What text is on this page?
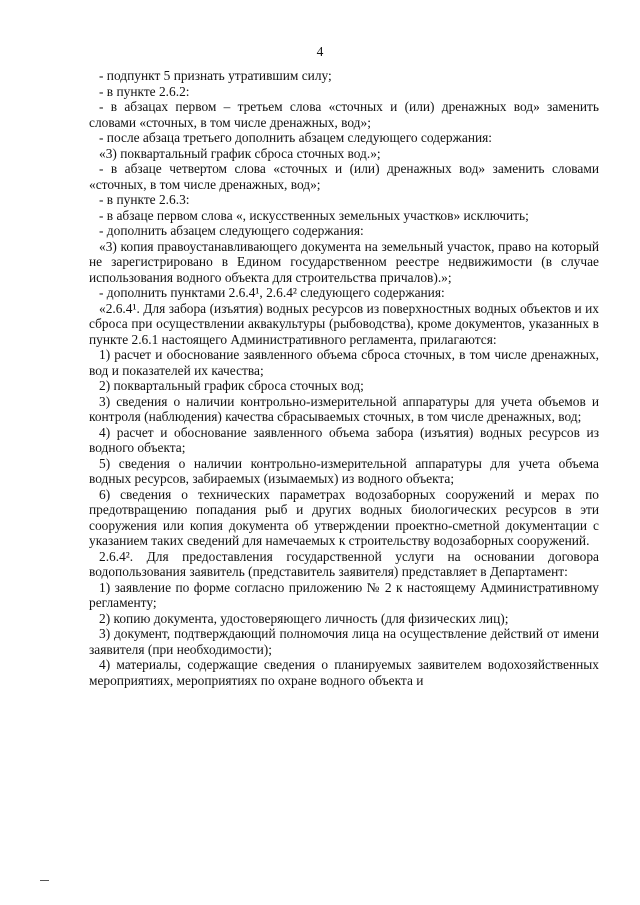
4

- подпункт 5 признать утратившим силу;

- в пункте 2.6.2:

- в абзацах первом – третьем слова «сточных и (или) дренажных вод» заменить словами «сточных, в том числе дренажных, вод»;

- после абзаца третьего дополнить абзацем следующего содержания:

«3) поквартальный график сброса сточных вод.»;

- в абзаце четвертом слова «сточных и (или) дренажных вод» заменить словами «сточных, в том числе дренажных, вод»;

- в пункте 2.6.3:

- в абзаце первом слова «, искусственных земельных участков» исключить;

- дополнить абзацем следующего содержания:

«3) копия правоустанавливающего документа на земельный участок, право на который не зарегистрировано в Едином государственном реестре недвижимости (в случае использования водного объекта для строительства причалов).»;

- дополнить пунктами 2.6.4¹, 2.6.4² следующего содержания:

«2.6.4¹. Для забора (изъятия) водных ресурсов из поверхностных водных объектов и их сброса при осуществлении аквакультуры (рыбоводства), кроме документов, указанных в пункте 2.6.1 настоящего Административного регламента, прилагаются:

1) расчет и обоснование заявленного объема сброса сточных, в том числе дренажных, вод и показателей их качества;

2) поквартальный график сброса сточных вод;

3) сведения о наличии контрольно-измерительной аппаратуры для учета объемов и контроля (наблюдения) качества сбрасываемых сточных, в том числе дренажных, вод;

4) расчет и обоснование заявленного объема забора (изъятия) водных ресурсов из водного объекта;

5) сведения о наличии контрольно-измерительной аппаратуры для учета объема водных ресурсов, забираемых (изымаемых) из водного объекта;

6) сведения о технических параметрах водозаборных сооружений и мерах по предотвращению попадания рыб и других водных биологических ресурсов в эти сооружения или копия документа об утверждении проектно-сметной документации с указанием таких сведений для намечаемых к строительству водозаборных сооружений.

2.6.4². Для предоставления государственной услуги на основании договора водопользования заявитель (представитель заявителя) представляет в Департамент:

1) заявление по форме согласно приложению № 2 к настоящему Административному регламенту;

2) копию документа, удостоверяющего личность (для физических лиц);

3) документ, подтверждающий полномочия лица на осуществление действий от имени заявителя (при необходимости);

4) материалы, содержащие сведения о планируемых заявителем водохозяйственных мероприятиях, мероприятиях по охране водного объекта и
